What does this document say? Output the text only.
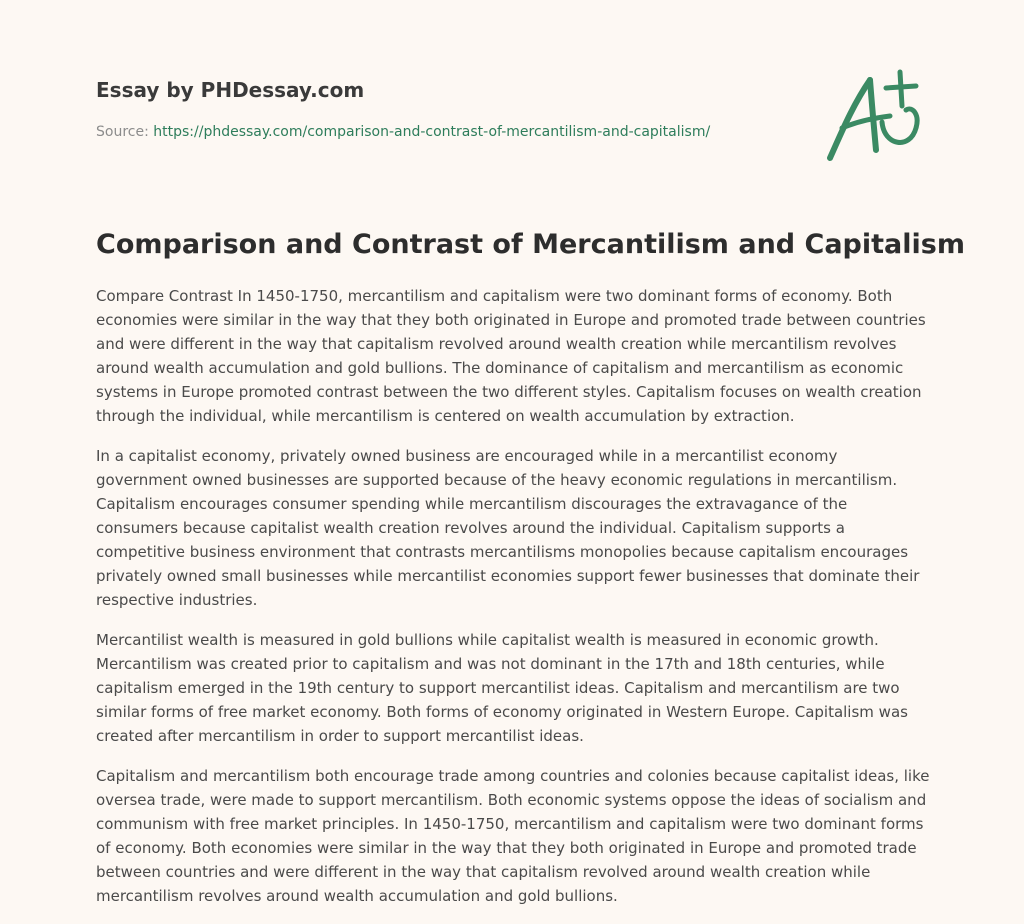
Essay by PHDessay.com
Source: https://phdessay.com/comparison-and-contrast-of-mercantilism-and-capitalism/
Comparison and Contrast of Mercantilism and Capitalism

Compare Contrast In 1450-1750, mercantilism and capitalism were two dominant forms of economy. Both economies were similar in the way that they both originated in Europe and promoted trade between countries and were different in the way that capitalism revolved around wealth creation while mercantilism revolves around wealth accumulation and gold bullions. The dominance of capitalism and mercantilism as economic systems in Europe promoted contrast between the two different styles. Capitalism focuses on wealth creation through the individual, while mercantilism is centered on wealth accumulation by extraction.

In a capitalist economy, privately owned business are encouraged while in a mercantilist economy government owned businesses are supported because of the heavy economic regulations in mercantilism. Capitalism encourages consumer spending while mercantilism discourages the extravagance of the consumers because capitalist wealth creation revolves around the individual. Capitalism supports a competitive business environment that contrasts mercantilisms monopolies because capitalism encourages privately owned small businesses while mercantilist economies support fewer businesses that dominate their respective industries.

Mercantilist wealth is measured in gold bullions while capitalist wealth is measured in economic growth. Mercantilism was created prior to capitalism and was not dominant in the 17th and 18th centuries, while capitalism emerged in the 19th century to support mercantilist ideas. Capitalism and mercantilism are two similar forms of free market economy. Both forms of economy originated in Western Europe. Capitalism was created after mercantilism in order to support mercantilist ideas.

Capitalism and mercantilism both encourage trade among countries and colonies because capitalist ideas, like oversea trade, were made to support mercantilism. Both economic systems oppose the ideas of socialism and communism with free market principles. In 1450-1750, mercantilism and capitalism were two dominant forms of economy. Both economies were similar in the way that they both originated in Europe and promoted trade between countries and were different in the way that capitalism revolved around wealth creation while mercantilism revolves around wealth accumulation and gold bullions.
